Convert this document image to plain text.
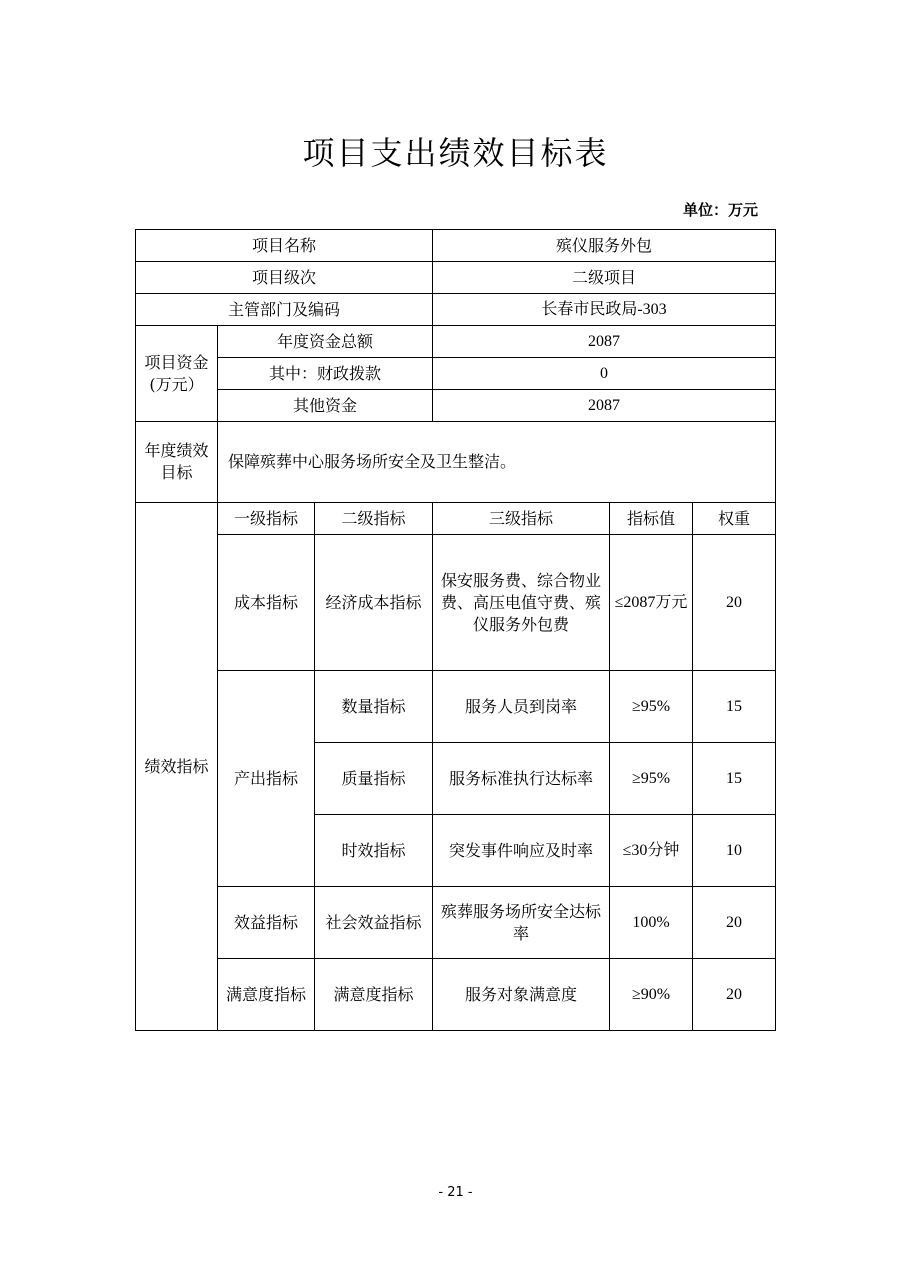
项目支出绩效目标表
单位：万元
项目名称			殡仪服务外包		
项目级次			二级项目		
主管部门及编码			长春市民政局-303		
项目资金(万元）	年度资金总额		2087		
	其中：财政拨款		0		
	其他资金		2087		
年度绩效目标	保障殡葬中心服务场所安全及卫生整洁。				
绩效指标	一级指标	二级指标	三级指标	指标值	权重
	成本指标	经济成本指标	保安服务费、综合物业费、高压电值守费、殡仪服务外包费	≤2087万元	20
	产出指标	数量指标	服务人员到岗率	≥95%	15
		质量指标	服务标准执行达标率	≥95%	15
		时效指标	突发事件响应及时率	≤30分钟	10
	效益指标	社会效益指标	殡葬服务场所安全达标率	100%	20
	满意度指标	满意度指标	服务对象满意度	≥90%	20
- 21 -
